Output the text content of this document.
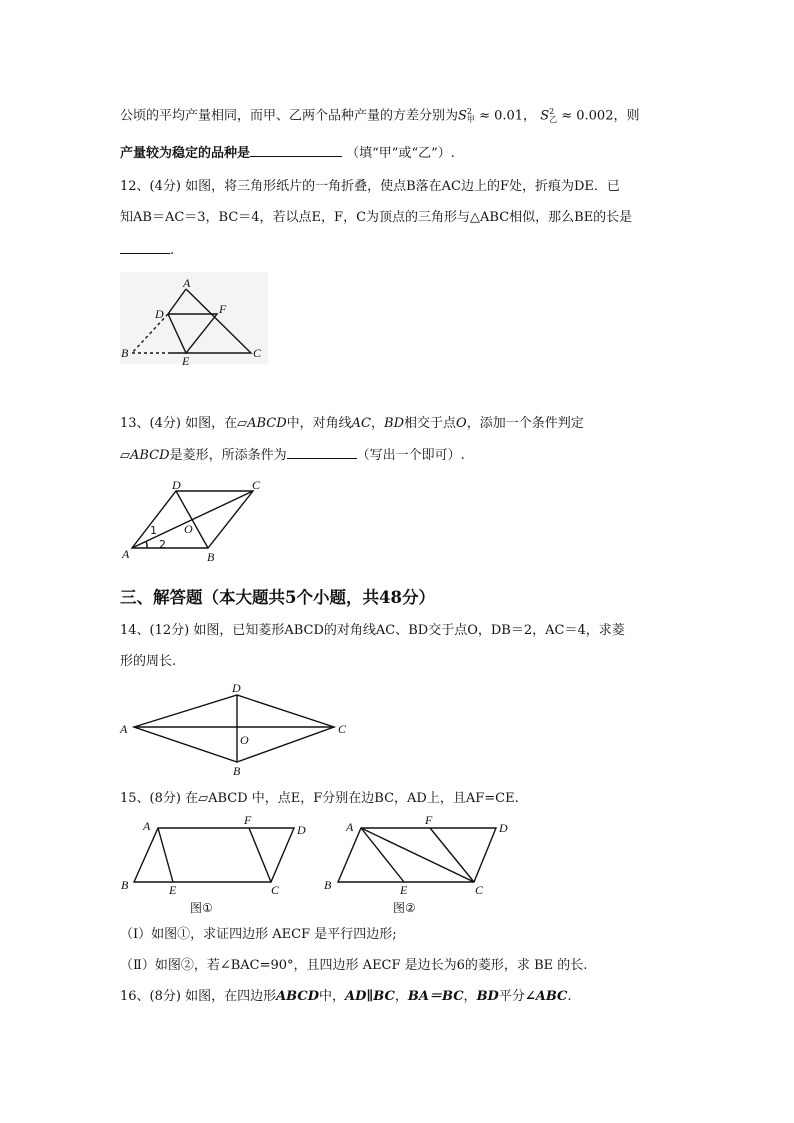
公顷的平均产量相同，而甲、乙两个品种产量的方差分别为S2
甲 ≈ 0.01， S2
乙 ≈ 0.002，则
产量较为稳定的品种是	（填“甲”或“乙”）.
12、(4分) 如图，将三角形纸片的一角折叠，使点B落在AC边上的F处，折痕为DE．已
知AB＝AC＝3，BC＝4，若以点E，F，C为顶点的三角形与△ABC相似，那么BE的长是
.
13、(4分) 如图，在▱ABCD中，对角线AC，BD相交于点O，添加一个条件判定
▱ABCD是菱形，所添条件为	（写出一个即可）.
三、解答题（本大题共5个小题，共48分）
14、(12分) 如图，已知菱形ABCD的对角线AC、BD交于点O，DB＝2，AC＝4，求菱
形的周长.
15、(8分) 在▱ABCD 中，点E，F分别在边BC，AD上，且AF=CE.
（Ⅰ）如图①，求证四边形 AECF 是平行四边形;
（Ⅱ）如图②，若∠BAC=90°，且四边形 AECF 是边长为6的菱形，求 BE 的长.
16、(8分) 如图，在四边形ABCD中，AD∥BC，BA＝BC，BD平分∠ABC.
A
B	C
D
E
F
A	B
C
D
O
1
2
A
B
C
D
O
A
B	C
D
E
F
图①
A
B	C
D
E
F
图②
